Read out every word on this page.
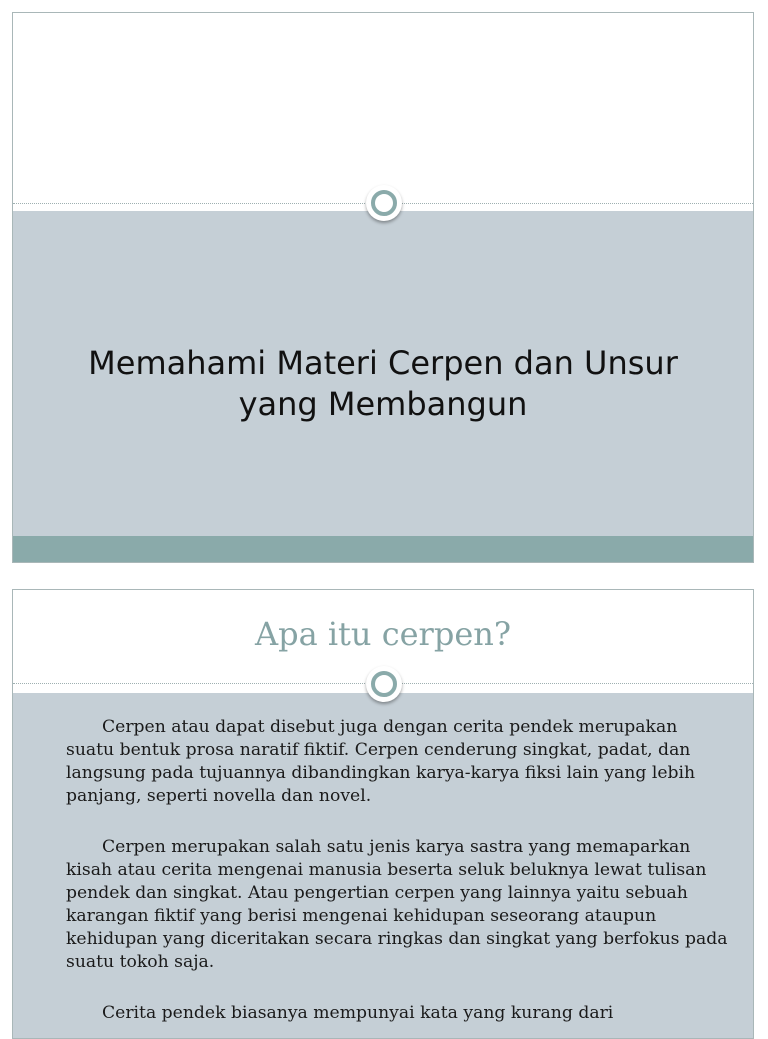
Memahami Materi Cerpen dan Unsur yang Membangun
Apa itu cerpen?

Cerpen atau dapat disebut juga dengan cerita pendek merupakan suatu bentuk prosa naratif fiktif. Cerpen cenderung singkat, padat, dan langsung pada tujuannya dibandingkan karya-karya fiksi lain yang lebih panjang, seperti novella dan novel.

Cerpen merupakan salah satu jenis karya sastra yang memaparkan kisah atau cerita mengenai manusia beserta seluk beluknya lewat tulisan pendek dan singkat. Atau pengertian cerpen yang lainnya yaitu sebuah karangan fiktif yang berisi mengenai kehidupan seseorang ataupun kehidupan yang diceritakan secara ringkas dan singkat yang berfokus pada suatu tokoh saja.

Cerita pendek biasanya mempunyai kata yang kurang dari
